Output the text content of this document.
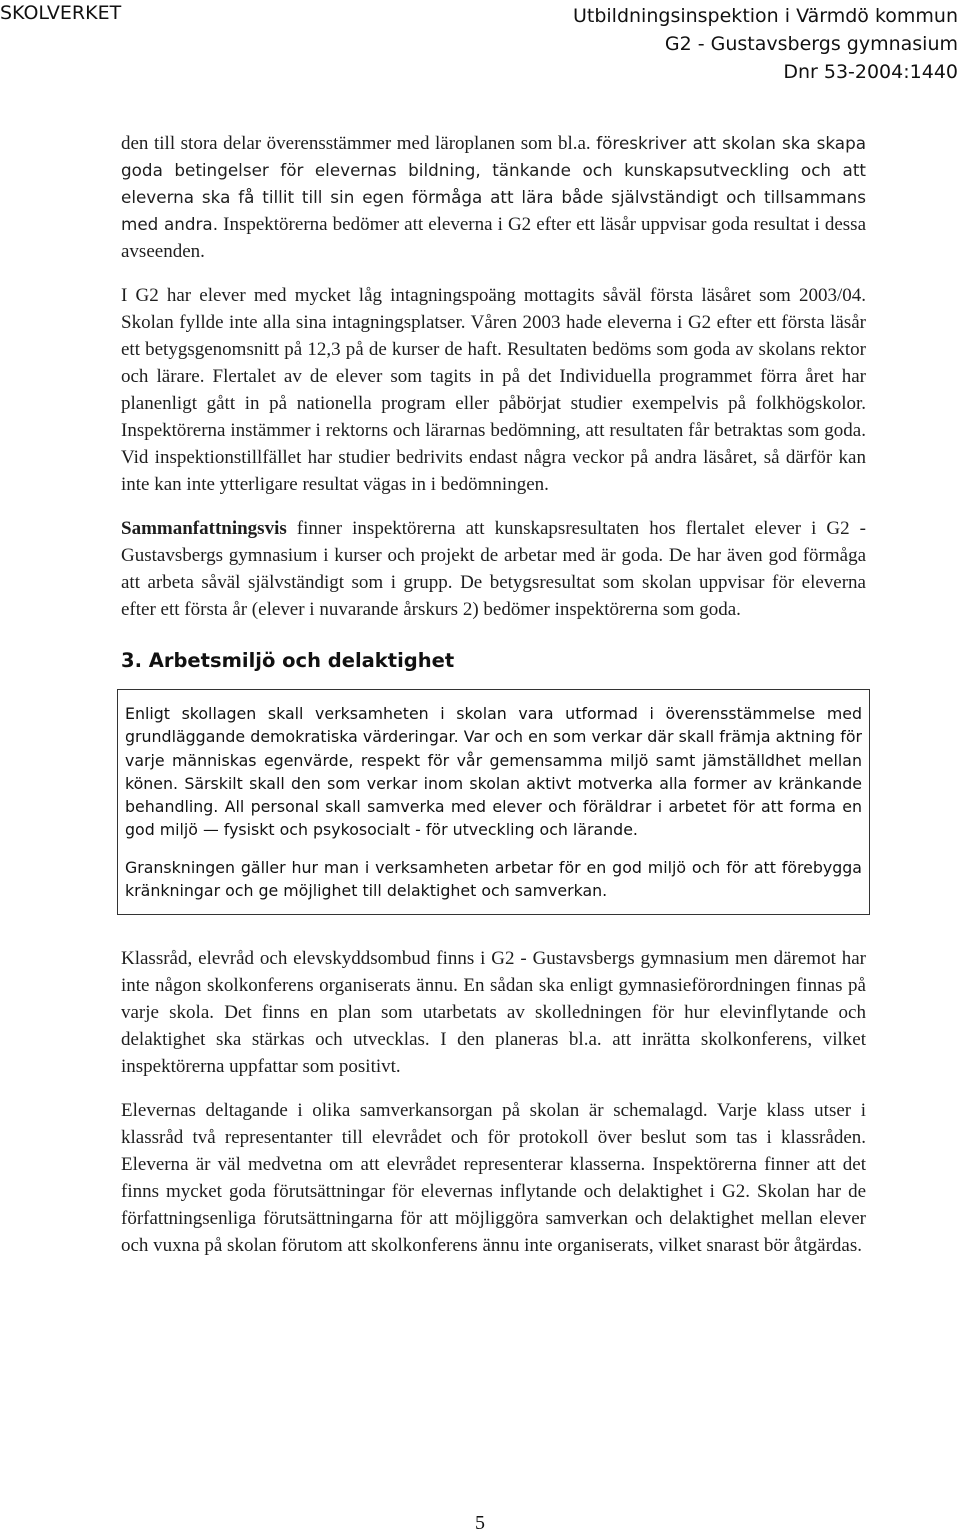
SKOLVERKET	Utbildningsinspektion i Värmdö kommun
G2 - Gustavsbergs gymnasium
Dnr 53-2004:1440

den till stora delar överensstämmer med läroplanen som bl.a. föreskriver att skolan ska skapa goda betingelser för elevernas bildning, tänkande och kunskapsutveckling och att eleverna ska få tillit till sin egen förmåga att lära både självständigt och tillsammans med andra. Inspektörerna bedömer att eleverna i G2 efter ett läsår uppvisar goda resultat i dessa avseenden.

I G2 har elever med mycket låg intagningspoäng mottagits såväl första läsåret som 2003/04. Skolan fyllde inte alla sina intagningsplatser. Våren 2003 hade eleverna i G2 efter ett första läsår ett betygsgenomsnitt på 12,3 på de kurser de haft. Resultaten bedöms som goda av skolans rektor och lärare. Flertalet av de elever som tagits in på det Individuella programmet förra året har planenligt gått in på nationella program eller påbörjat studier exempelvis på folkhögskolor. Inspektörerna instämmer i rektorns och lärarnas bedömning, att resultaten får betraktas som goda. Vid inspektionstillfället har studier bedrivits endast några veckor på andra läsåret, så därför kan inte kan inte ytterligare resultat vägas in i bedömningen.

Sammanfattningsvis finner inspektörerna att kunskapsresultaten hos flertalet elever i G2 - Gustavsbergs gymnasium i kurser och projekt de arbetar med är goda. De har även god förmåga att arbeta såväl självständigt som i grupp. De betygsresultat som skolan uppvisar för eleverna efter ett första år (elever i nuvarande årskurs 2) bedömer inspektörerna som goda.

3. Arbetsmiljö och delaktighet

Enligt skollagen skall verksamheten i skolan vara utformad i överensstämmelse med grundläggande demokratiska värderingar. Var och en som verkar där skall främja aktning för varje människas egenvärde, respekt för vår gemensamma miljö samt jämställdhet mellan könen. Särskilt skall den som verkar inom skolan aktivt motverka alla former av kränkande behandling. All personal skall samverka med elever och föräldrar i arbetet för att forma en god miljö — fysiskt och psykosocialt - för utveckling och lärande.

Granskningen gäller hur man i verksamheten arbetar för en god miljö och för att förebygga kränkningar och ge möjlighet till delaktighet och samverkan.

Klassråd, elevråd och elevskyddsombud finns i G2 - Gustavsbergs gymnasium men däremot har inte någon skolkonferens organiserats ännu. En sådan ska enligt gymnasieförordningen finnas på varje skola. Det finns en plan som utarbetats av skolledningen för hur elevinflytande och delaktighet ska stärkas och utvecklas. I den planeras bl.a. att inrätta skolkonferens, vilket inspektörerna uppfattar som positivt.

Elevernas deltagande i olika samverkansorgan på skolan är schemalagd. Varje klass utser i klassråd två representanter till elevrådet och för protokoll över beslut som tas i klassråden. Eleverna är väl medvetna om att elevrådet representerar klasserna. Inspektörerna finner att det finns mycket goda förutsättningar för elevernas inflytande och delaktighet i G2. Skolan har de författningsenliga förutsättningarna för att möjliggöra samverkan och delaktighet mellan elever och vuxna på skolan förutom att skolkonferens ännu inte organiserats, vilket snarast bör åtgärdas.

5
